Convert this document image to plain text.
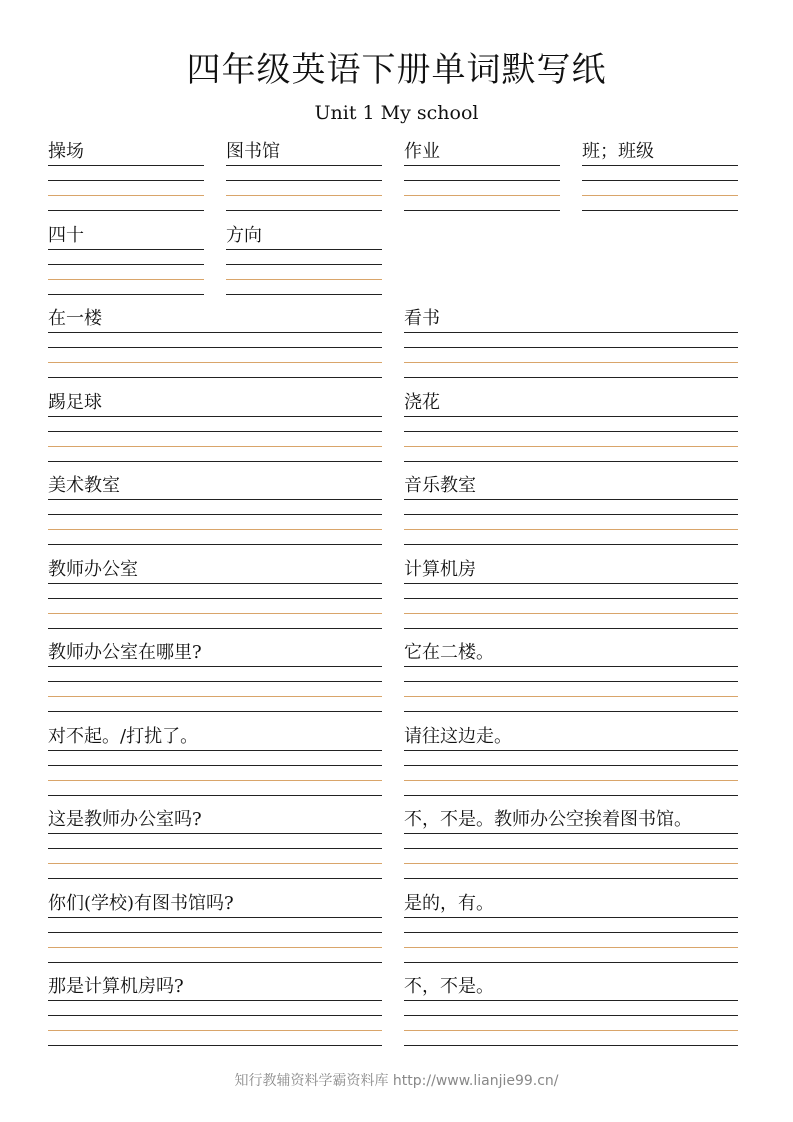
四年级英语下册单词默写纸
Unit 1 My school
操场	图书馆	作业	班；班级
四十	方向
在一楼	看书
踢足球	浇花
美术教室	音乐教室
教师办公室	计算机房
教师办公室在哪里?	它在二楼。
对不起。/打扰了。	请往这边走。
这是教师办公室吗?	不，不是。教师办公空挨着图书馆。
你们(学校)有图书馆吗?	是的，有。
那是计算机房吗?	不，不是。
知行教辅资料学霸资料库 http://www.lianjie99.cn/
